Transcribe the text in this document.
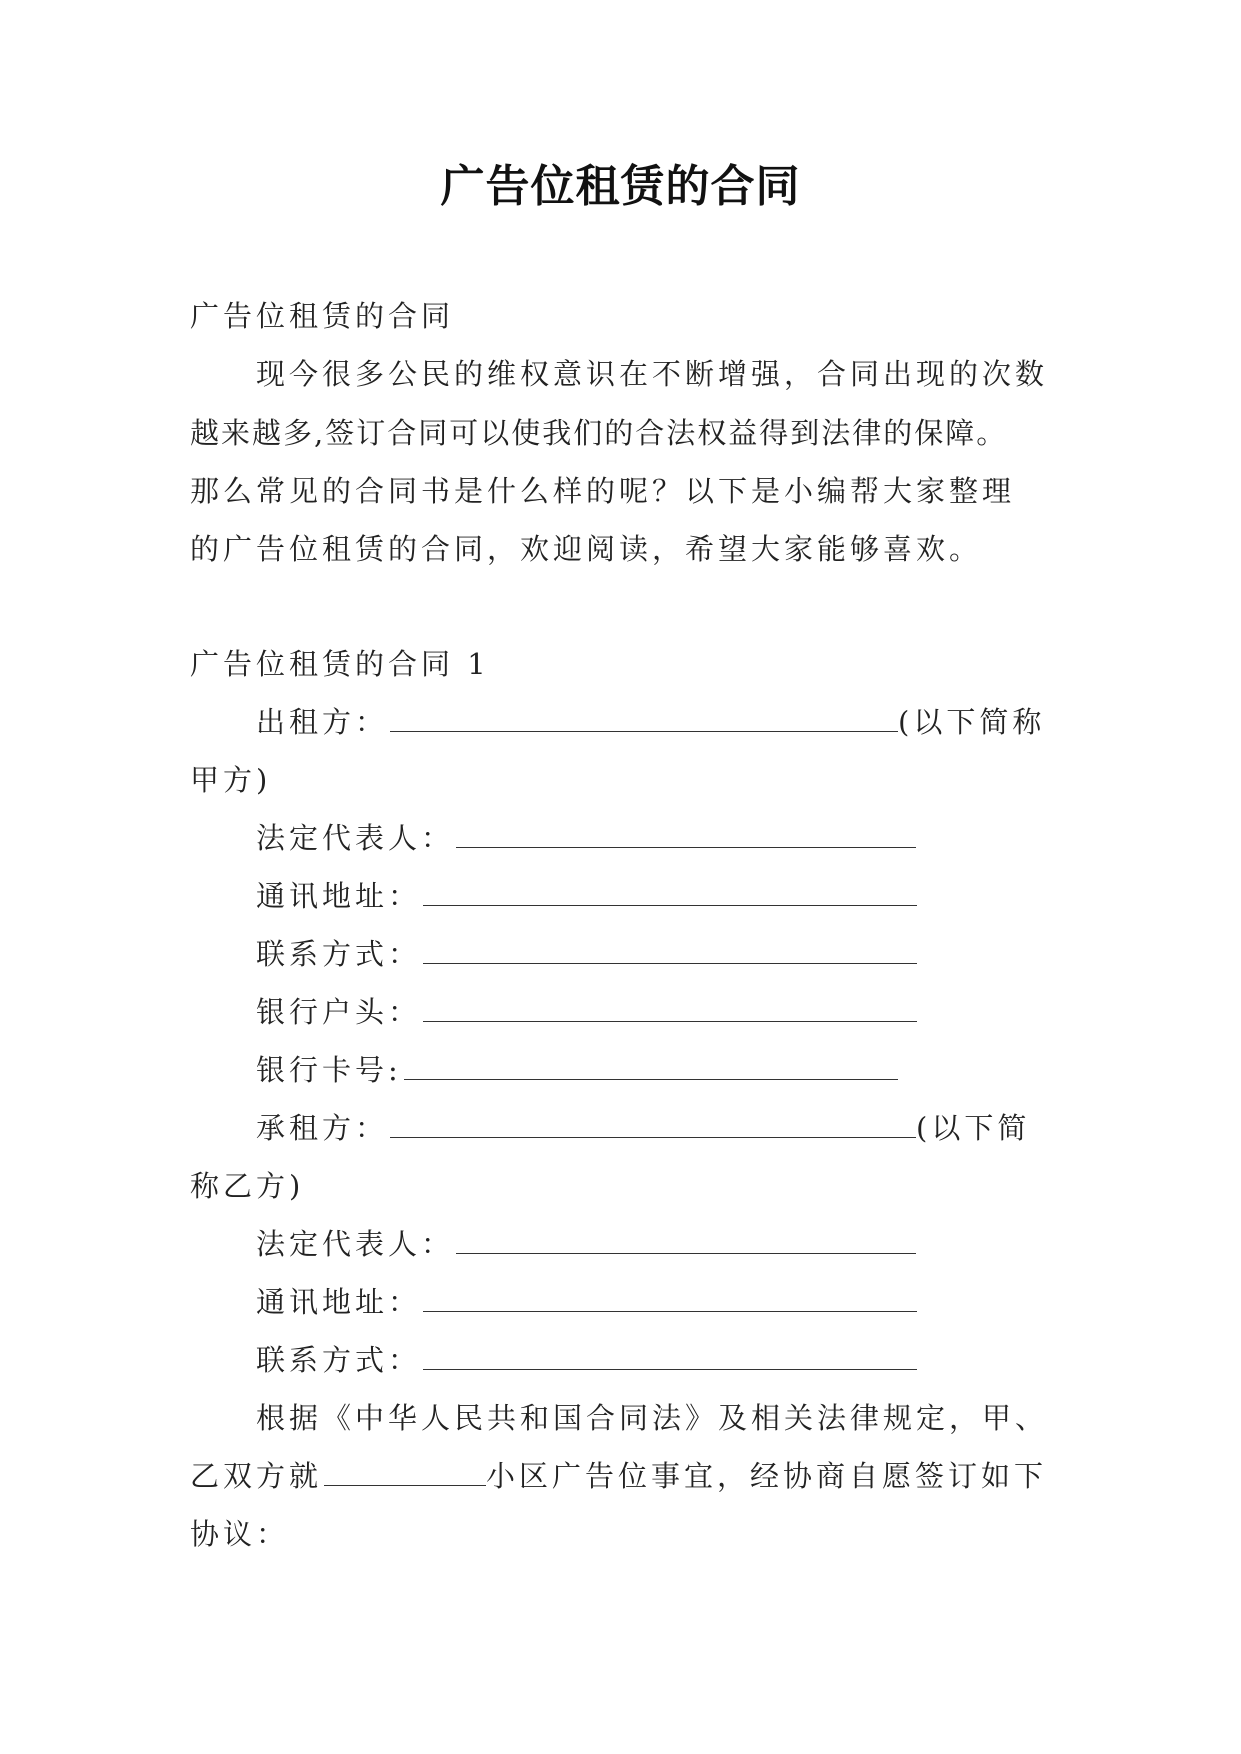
广告位租赁的合同
广告位租赁的合同
现今很多公民的维权意识在不断增强，合同出现的次数
越来越多,签订合同可以使我们的合法权益得到法律的保障。
那么常见的合同书是什么样的呢？以下是小编帮大家整理
的广告位租赁的合同，欢迎阅读，希望大家能够喜欢。
广告位租赁的合同 1
出租方：	(以下简称
甲方)
法定代表人：
通讯地址：
联系方式：
银行户头：
银行卡号:
承租方：	(以下简
称乙方)
法定代表人：
通讯地址：
联系方式：
根据《中华人民共和国合同法》及相关法律规定，甲、
乙双方就	小区广告位事宜，经协商自愿签订如下
协议：
